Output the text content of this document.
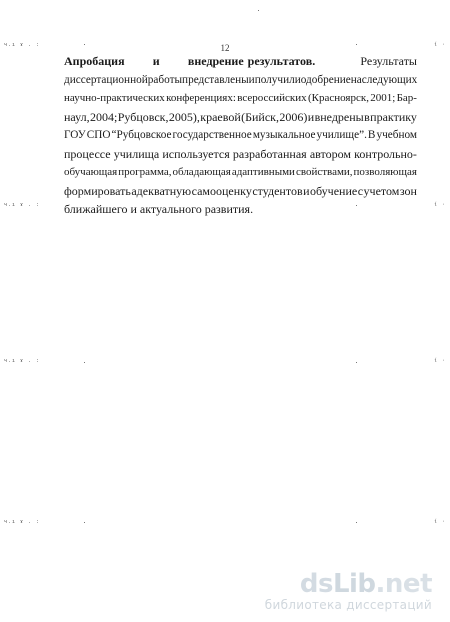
12
Апробация и внедрение результатов.	Результаты
диссертационной работы представлены и получили одобрение на следующих
научно-практических конференциях: всероссийских (Красноярск, 2001; Бар-
наул, 2004; Рубцовск, 2005), краевой (Бийск, 2006) и внедрены в практику
ГОУ СПО “Рубцовское государственное музыкальное училище”. В учебном
процессе училища используется разработанная автором контрольно-
обучающая программа, обладающая адаптивными свойствами, позволяющая
формировать адекватную самооценку студентов и обучение с учетом зон
ближайшего и актуального развития.
ч.ı ɤ . :
ч.ı ɤ . :
ч.ı ɤ . :
ч.ı ɤ . :
ί ·
ί ·
ί ·
ί ·
dsLib.net
библиотека диссертаций
